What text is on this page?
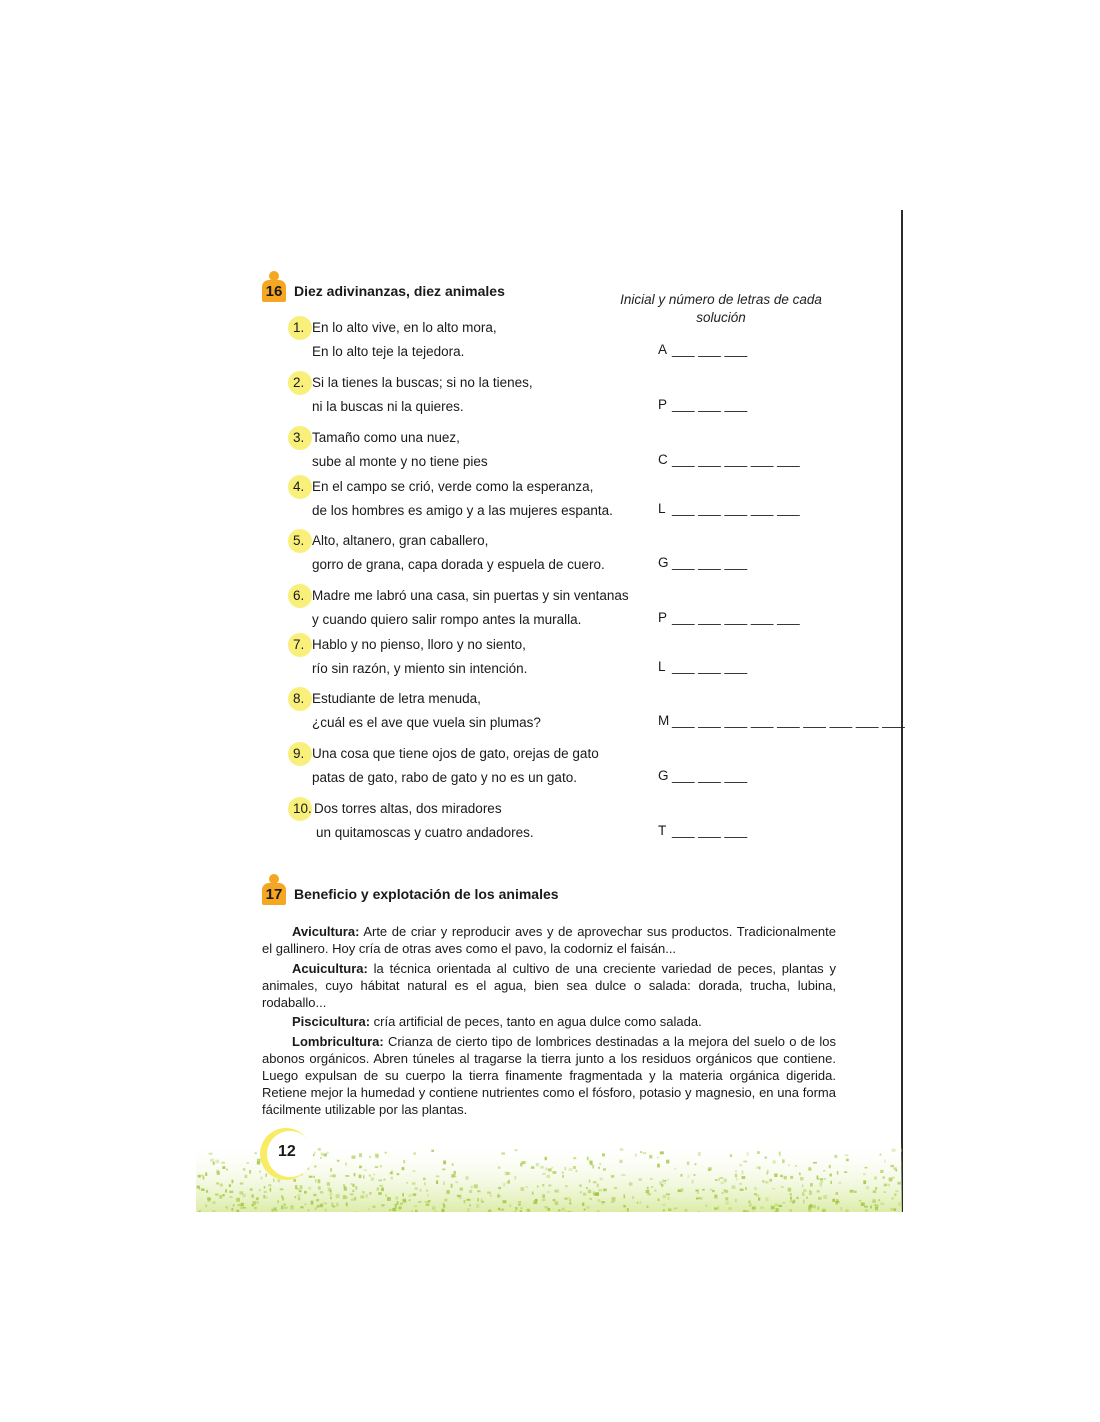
16 Diez adivinanzas, diez animales
Inicial y número de letras de cada solución
1. En lo alto vive, en lo alto mora,
En lo alto teje la tejedora.	A ___ ___ ___
2. Si la tienes la buscas; si no la tienes,
ni la buscas ni la quieres.	P ___ ___ ___
3. Tamaño como una nuez,
sube al monte y no tiene pies	C ___ ___ ___ ___ ___
4. En el campo se crió, verde como la esperanza,
de los hombres es amigo y a las mujeres espanta.	L ___ ___ ___ ___ ___
5. Alto, altanero, gran caballero,
gorro de grana, capa dorada y espuela de cuero.	G ___ ___ ___
6. Madre me labró una casa, sin puertas y sin ventanas
y cuando quiero salir rompo antes la muralla.	P ___ ___ ___ ___ ___
7. Hablo y no pienso, lloro y no siento,
río sin razón, y miento sin intención.	L ___ ___ ___
8. Estudiante de letra menuda,
¿cuál es el ave que vuela sin plumas?	M ___ ___ ___ ___ ___ ___ ___ ___ ___
9. Una cosa que tiene ojos de gato, orejas de gato
patas de gato, rabo de gato y no es un gato.	G ___ ___ ___
10. Dos torres altas, dos miradores
un quitamoscas y cuatro andadores.	T ___ ___ ___
17 Beneficio y explotación de los animales
Avicultura: Arte de criar y reproducir aves y de aprovechar sus productos. Tradicionalmente el gallinero. Hoy cría de otras aves como el pavo, la codorniz el faisán...
Acuicultura: la técnica orientada al cultivo de una creciente variedad de peces, plantas y animales, cuyo hábitat natural es el agua, bien sea dulce o salada: dorada, trucha, lubina, rodaballo...
Piscicultura: cría artificial de peces, tanto en agua dulce como salada.
Lombricultura: Crianza de cierto tipo de lombrices destinadas a la mejora del suelo o de los abonos orgánicos. Abren túneles al tragarse la tierra junto a los residuos orgánicos que contiene. Luego expulsan de su cuerpo la tierra finamente fragmentada y la materia orgánica digerida. Retiene mejor la humedad y contiene nutrientes como el fósforo, potasio y magnesio, en una forma fácilmente utilizable por las plantas.
12
